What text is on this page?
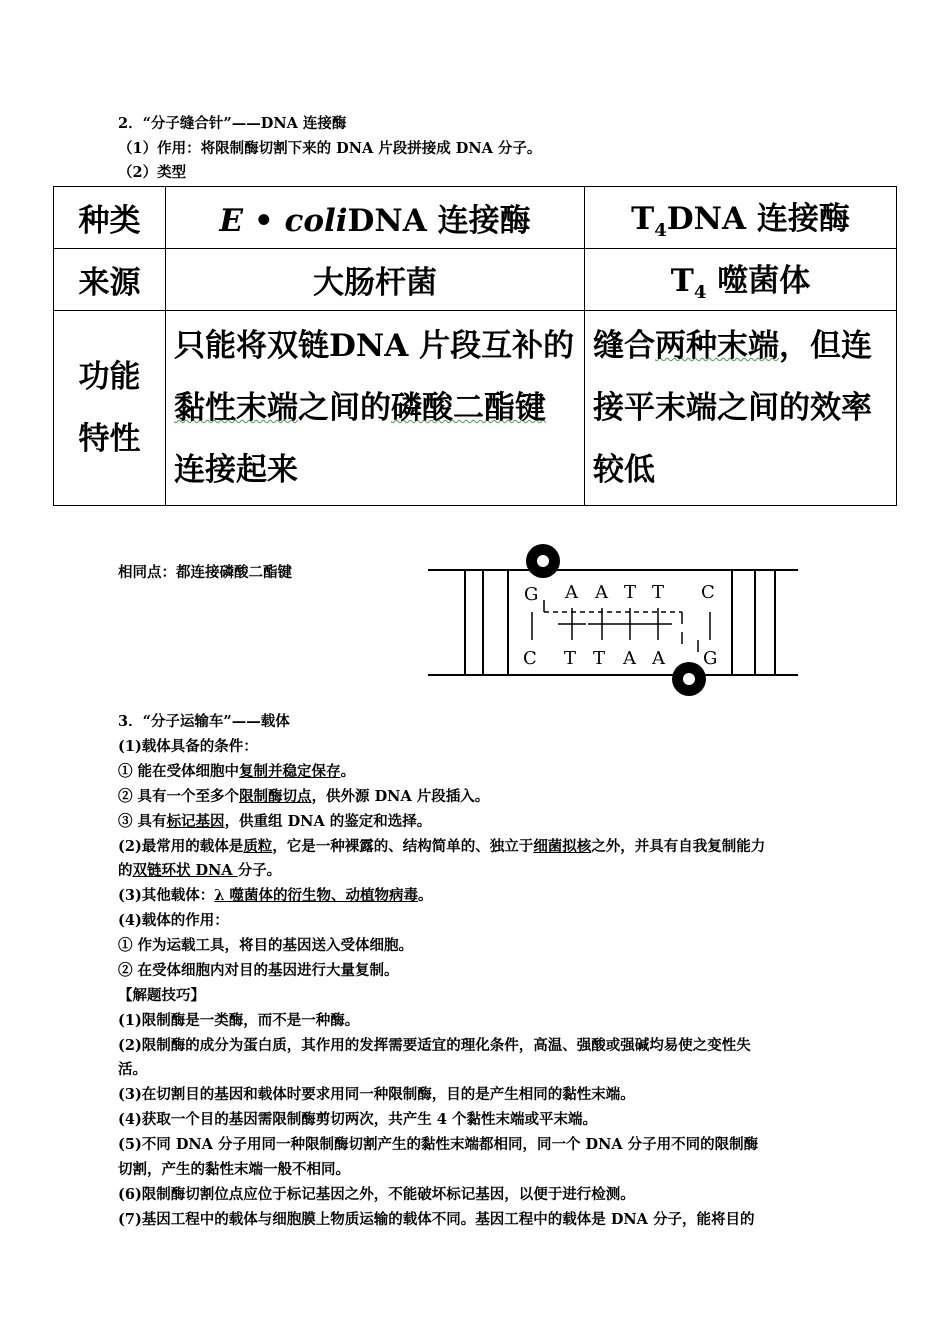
2．“分子缝合针”——DNA 连接酶
（1）作用：将限制酶切割下来的 DNA 片段拼接成 DNA 分子。
（2）类型
种类	E • coliDNA 连接酶	$T_4DNA$ 连接酶
来源	大肠杆菌	$T_4$ 噬菌体
功能
特性	只能将双链DNA 片段互补的黏性末端之间的磷酸二酯键连接起来	缝合两种末端，但连接平末端之间的效率较低
相同点：都连接磷酸二酯键
G A A T T C
C T T A A G
3．“分子运输车”——载体
(1)载体具备的条件：
① 能在受体细胞中复制并稳定保存。
② 具有一个至多个限制酶切点，供外源 DNA 片段插入。
③ 具有标记基因，供重组 DNA 的鉴定和选择。
(2)最常用的载体是质粒，它是一种裸露的、结构简单的、独立于细菌拟核之外，并具有自我复制能力
的双链环状 DNA 分子。
(3)其他载体：λ 噬菌体的衍生物、动植物病毒。
(4)载体的作用：
① 作为运载工具，将目的基因送入受体细胞。
② 在受体细胞内对目的基因进行大量复制。
【解题技巧】
(1)限制酶是一类酶，而不是一种酶。
(2)限制酶的成分为蛋白质，其作用的发挥需要适宜的理化条件，高温、强酸或强碱均易使之变性失
活。
(3)在切割目的基因和载体时要求用同一种限制酶，目的是产生相同的黏性末端。
(4)获取一个目的基因需限制酶剪切两次，共产生 4 个黏性末端或平末端。
(5)不同 DNA 分子用同一种限制酶切割产生的黏性末端都相同，同一个 DNA 分子用不同的限制酶
切割，产生的黏性末端一般不相同。
(6)限制酶切割位点应位于标记基因之外，不能破坏标记基因，以便于进行检测。
(7)基因工程中的载体与细胞膜上物质运输的载体不同。基因工程中的载体是 DNA 分子，能将目的
